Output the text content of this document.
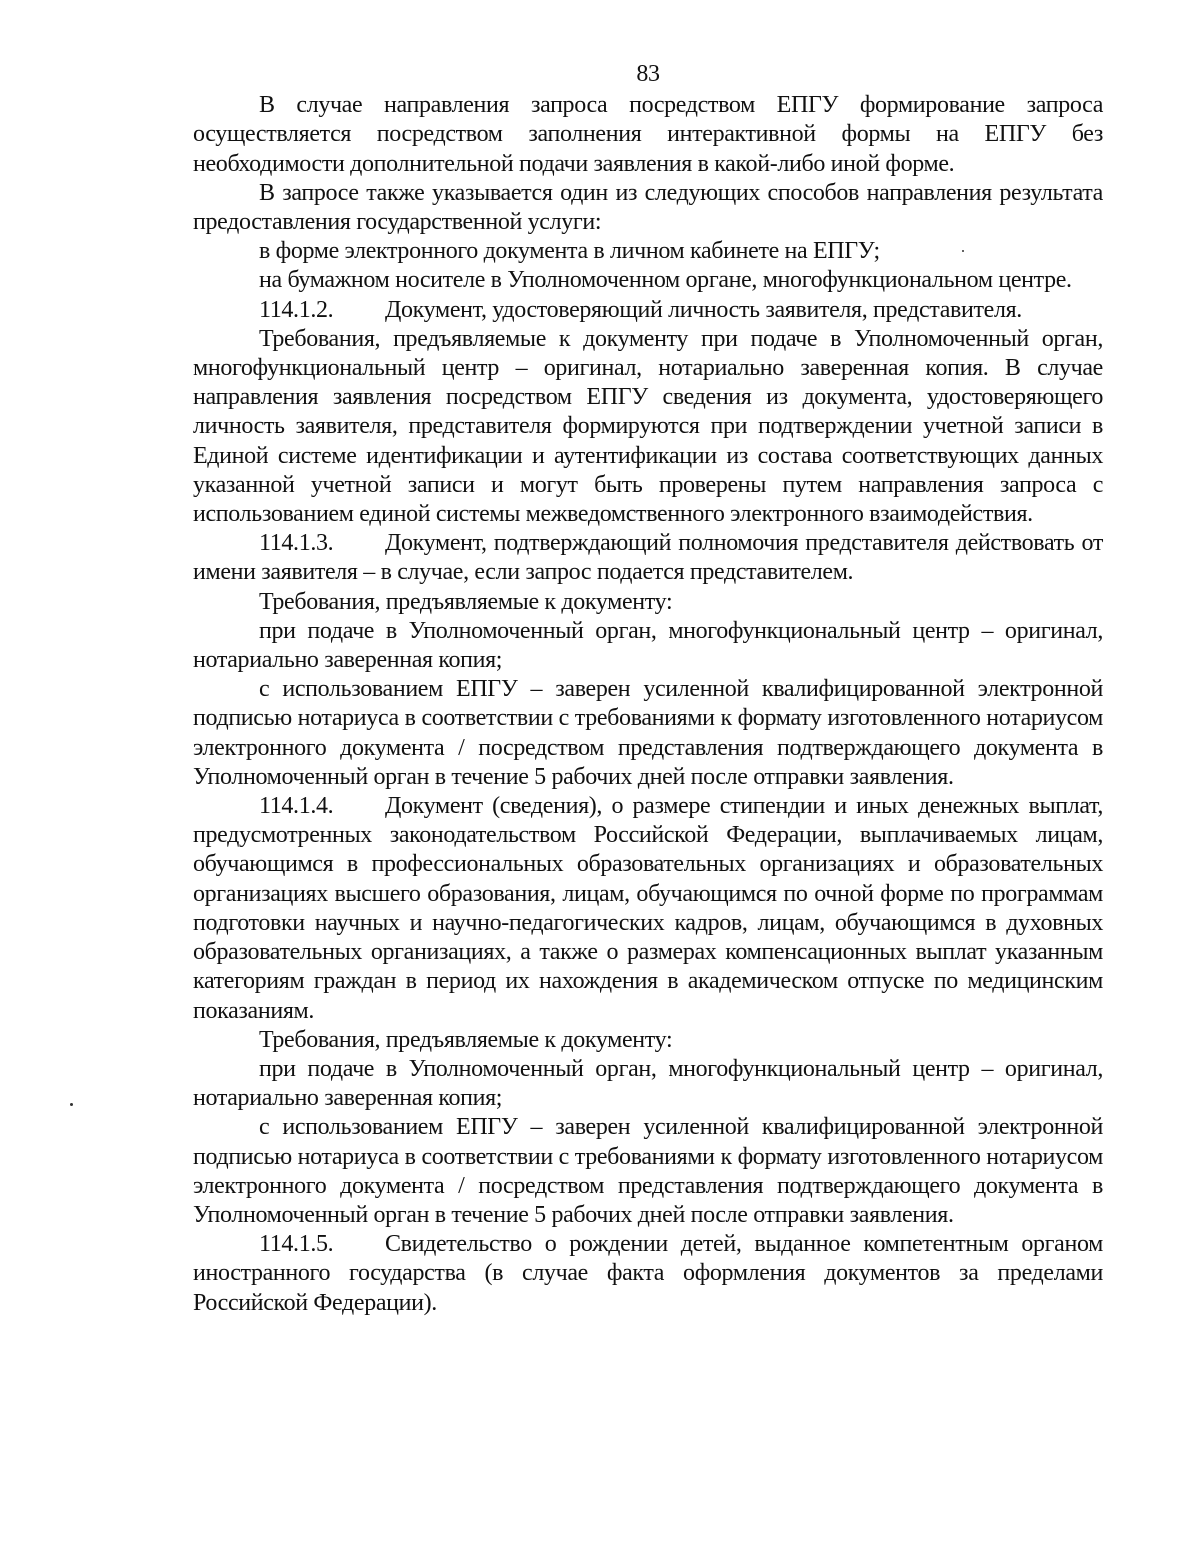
83

В случае направления запроса посредством ЕПГУ формирование запроса осуществляется посредством заполнения интерактивной формы на ЕПГУ без необходимости дополнительной подачи заявления в какой-либо иной форме.

В запросе также указывается один из следующих способов направления результата предоставления государственной услуги:

в форме электронного документа в личном кабинете на ЕПГУ;

на бумажном носителе в Уполномоченном органе, многофункциональном центре.

114.1.2. Документ, удостоверяющий личность заявителя, представителя.

Требования, предъявляемые к документу при подаче в Уполномоченный орган, многофункциональный центр – оригинал, нотариально заверенная копия. В случае направления заявления посредством ЕПГУ сведения из документа, удостоверяющего личность заявителя, представителя формируются при подтверждении учетной записи в Единой системе идентификации и аутентификации из состава соответствующих данных указанной учетной записи и могут быть проверены путем направления запроса с использованием единой системы межведомственного электронного взаимодействия.

114.1.3. Документ, подтверждающий полномочия представителя действовать от имени заявителя – в случае, если запрос подается представителем.

Требования, предъявляемые к документу:

при подаче в Уполномоченный орган, многофункциональный центр – оригинал, нотариально заверенная копия;

с использованием ЕПГУ – заверен усиленной квалифицированной электронной подписью нотариуса в соответствии с требованиями к формату изготовленного нотариусом электронного документа / посредством представления подтверждающего документа в Уполномоченный орган в течение 5 рабочих дней после отправки заявления.

114.1.4. Документ (сведения), о размере стипендии и иных денежных выплат, предусмотренных законодательством Российской Федерации, выплачиваемых лицам, обучающимся в профессиональных образовательных организациях и образовательных организациях высшего образования, лицам, обучающимся по очной форме по программам подготовки научных и научно-педагогических кадров, лицам, обучающимся в духовных образовательных организациях, а также о размерах компенсационных выплат указанным категориям граждан в период их нахождения в академическом отпуске по медицинским показаниям.

Требования, предъявляемые к документу:

при подаче в Уполномоченный орган, многофункциональный центр – оригинал, нотариально заверенная копия;

с использованием ЕПГУ – заверен усиленной квалифицированной электронной подписью нотариуса в соответствии с требованиями к формату изготовленного нотариусом электронного документа / посредством представления подтверждающего документа в Уполномоченный орган в течение 5 рабочих дней после отправки заявления.

114.1.5. Свидетельство о рождении детей, выданное компетентным органом иностранного государства (в случае факта оформления документов за пределами Российской Федерации).
